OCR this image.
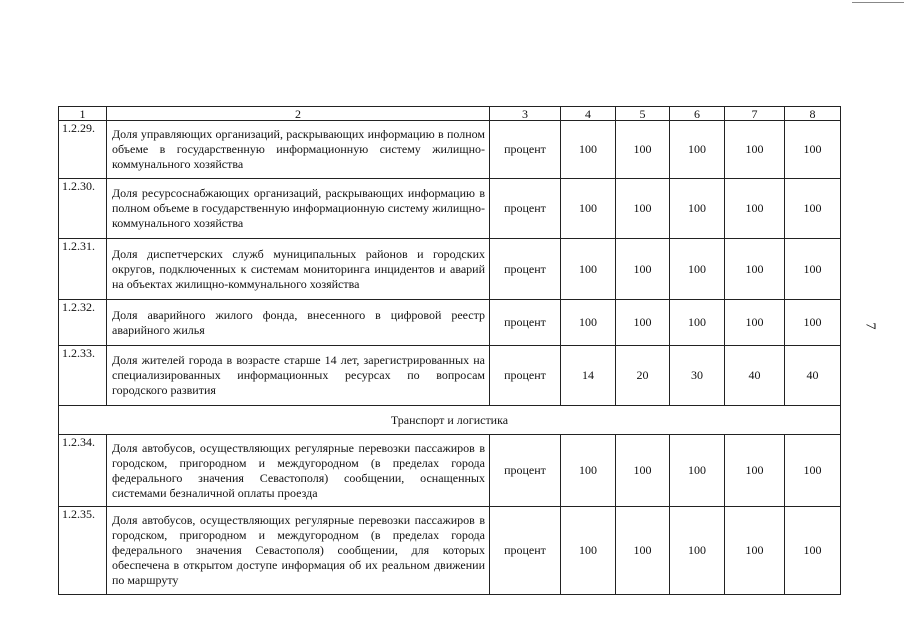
7
1	2	3	4	5	6	7	8
1.2.29.	Доля управляющих организаций, раскрывающих информацию в полном объеме в государственную информационную систему жилищно-коммунального хозяйства	процент	100	100	100	100	100
1.2.30.	Доля ресурсоснабжающих организаций, раскрывающих информацию в полном объеме в государственную информационную систему жилищно-коммунального хозяйства	процент	100	100	100	100	100
1.2.31.	Доля диспетчерских служб муниципальных районов и городских округов, подключенных к системам мониторинга инцидентов и аварий на объектах жилищно-коммунального хозяйства	процент	100	100	100	100	100
1.2.32.	Доля аварийного жилого фонда, внесенного в цифровой реестр аварийного жилья	процент	100	100	100	100	100
1.2.33.	Доля жителей города в возрасте старше 14 лет, зарегистрированных на специализированных информационных ресурсах по вопросам городского развития	процент	14	20	30	40	40
Транспорт и логистика							
1.2.34.	Доля автобусов, осуществляющих регулярные перевозки пассажиров в городском, пригородном и междугородном (в пределах города федерального значения Севастополя) сообщении, оснащенных системами безналичной оплаты проезда	процент	100	100	100	100	100
1.2.35.	Доля автобусов, осуществляющих регулярные перевозки пассажиров в городском, пригородном и междугородном (в пределах города федерального значения Севастополя) сообщении, для которых обеспечена в открытом доступе информация об их реальном движении по маршруту	процент	100	100	100	100	100
